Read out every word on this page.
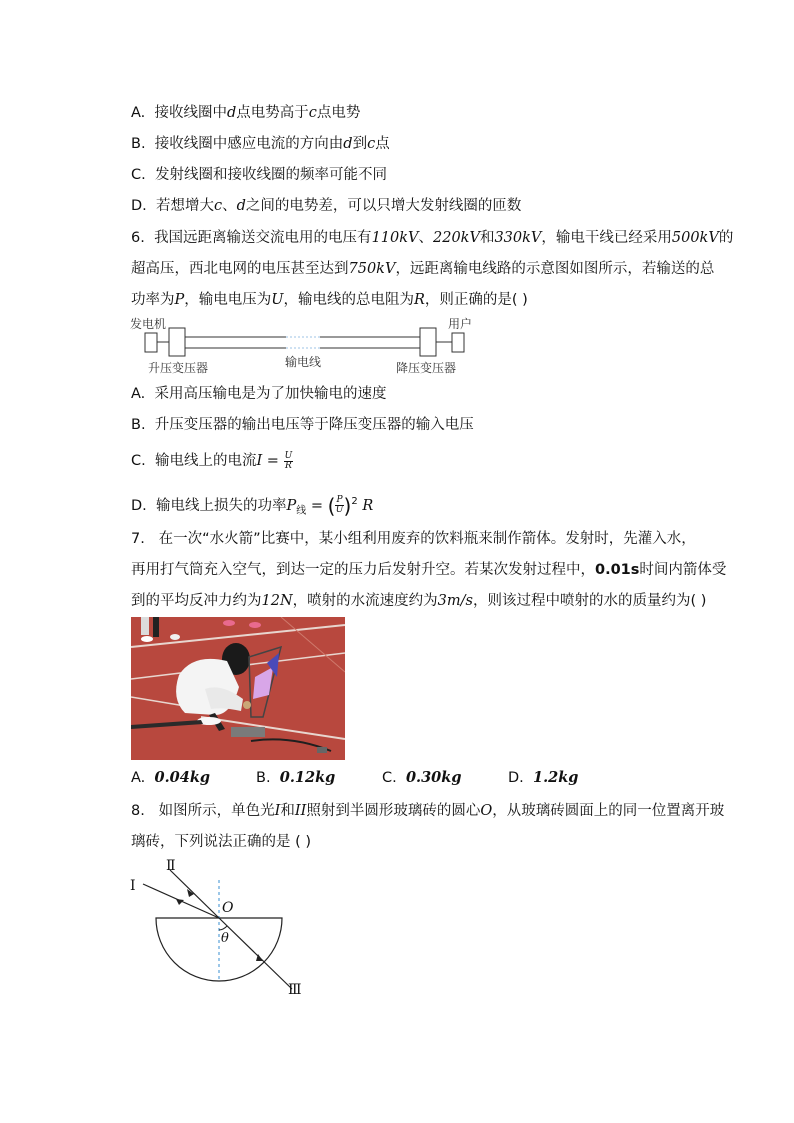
A. 接收线圈中d点电势高于c点电势
B. 接收线圈中感应电流的方向由d到c点
C. 发射线圈和接收线圈的频率可能不同
D. 若想增大c、d之间的电势差，可以只增大发射线圈的匝数
6. 我国远距离输送交流电用的电压有110kV、220kV和330kV，输电干线已经采用500kV的
超高压，西北电网的电压甚至达到750kV，远距离输电线路的示意图如图所示，若输送的总
功率为P，输电电压为U，输电线的总电阻为R，则正确的是( )
发电机	用户
升压变压器	输电线	降压变压器
A. 采用高压输电是为了加快输电的速度
B. 升压变压器的输出电压等于降压变压器的输入电压
C. 输电线上的电流$I = \frac{U}{R}$
D. 输电线上损失的功率$P_线$ = ( $\frac{P}{U} )^2$ R
7. 在一次“水火箭”比赛中，某小组利用废弃的饮料瓶来制作箭体。发射时，先灌入水，
再用打气筒充入空气，到达一定的压力后发射升空。若某次发射过程中，0.01s时间内箭体受
到的平均反冲力约为12N，喷射的水流速度约为3m/s，则该过程中喷射的水的质量约为( )
A. 0.04kg	B. 0.12kg	C. 0.30kg	D. 1.2kg
8. 如图所示，单色光I和II照射到半圆形玻璃砖的圆心O，从玻璃砖圆面上的同一位置离开玻
璃砖，下列说法正确的是 ( )
I
Ⅱ
Ⅲ
O
θ
